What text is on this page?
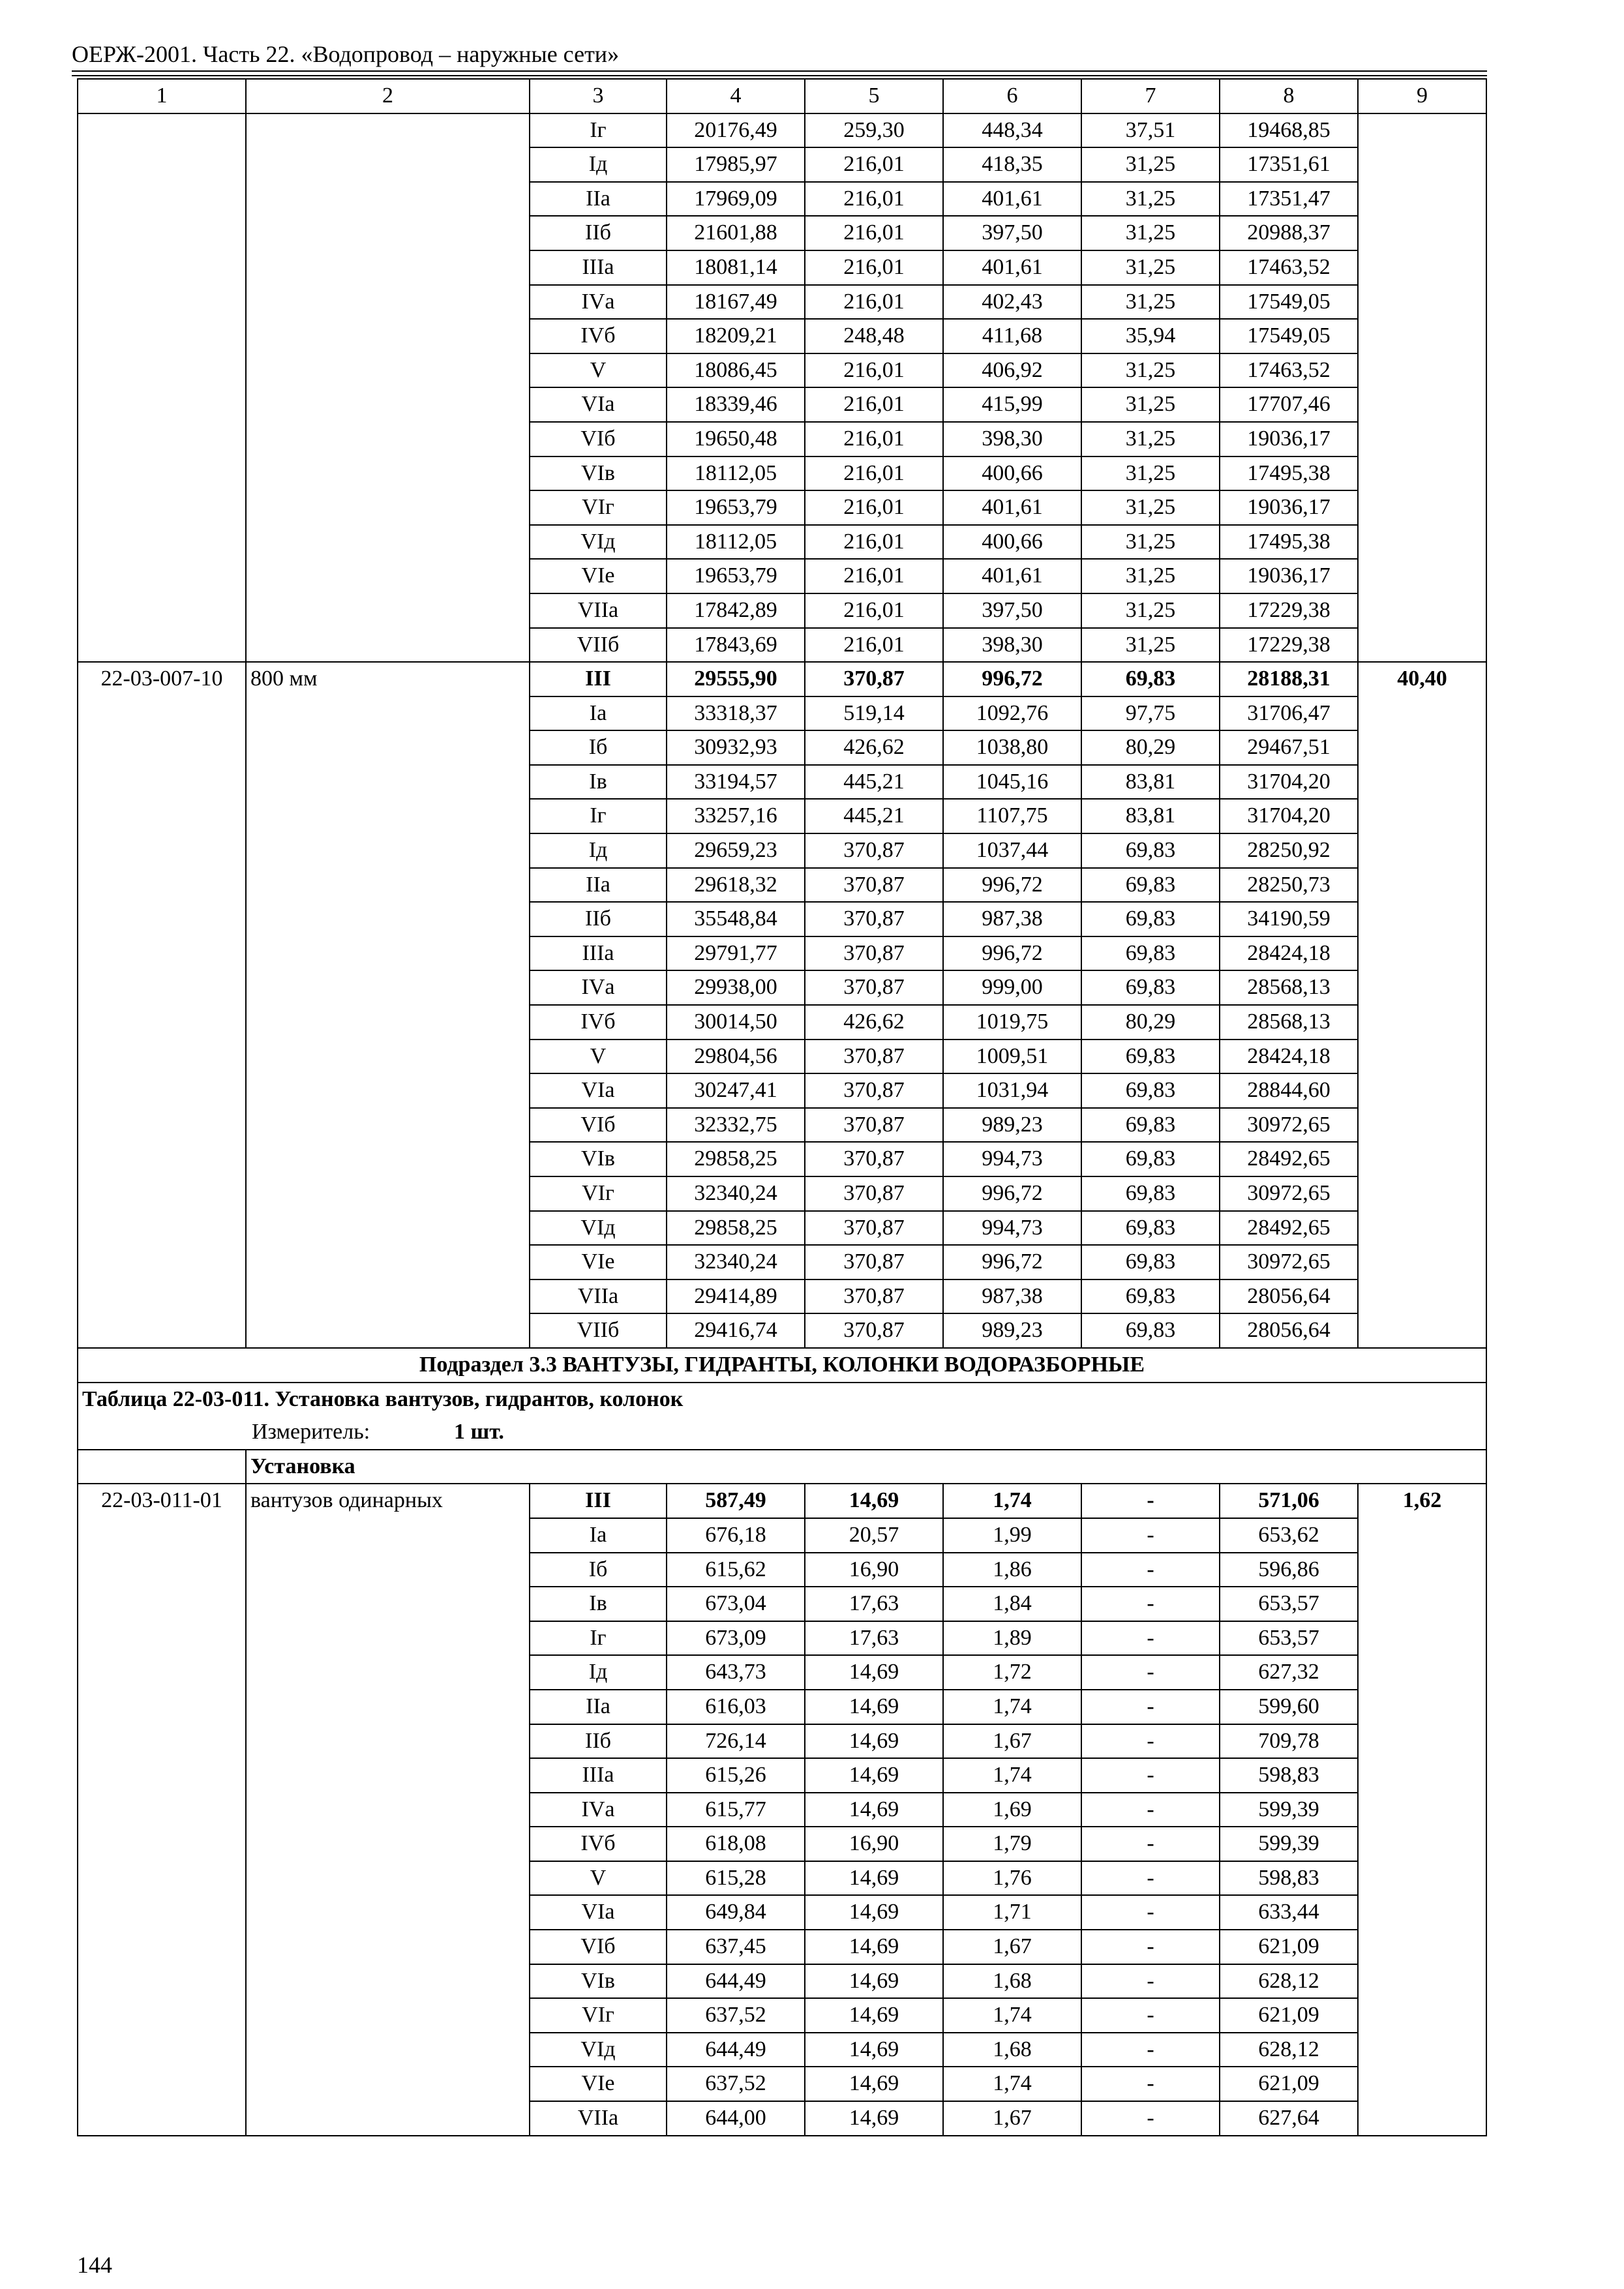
ОЕРЖ-2001. Часть 22. «Водопровод – наружные сети»
1	2	3	4	5	6	7	8	9
		Iг	20176,49	259,30	448,34	37,51	19468,85	
		Iд	17985,97	216,01	418,35	31,25	17351,61	
		IIа	17969,09	216,01	401,61	31,25	17351,47	
		IIб	21601,88	216,01	397,50	31,25	20988,37	
		IIIа	18081,14	216,01	401,61	31,25	17463,52	
		IVа	18167,49	216,01	402,43	31,25	17549,05	
		IVб	18209,21	248,48	411,68	35,94	17549,05	
		V	18086,45	216,01	406,92	31,25	17463,52	
		VIа	18339,46	216,01	415,99	31,25	17707,46	
		VIб	19650,48	216,01	398,30	31,25	19036,17	
		VIв	18112,05	216,01	400,66	31,25	17495,38	
		VIг	19653,79	216,01	401,61	31,25	19036,17	
		VIд	18112,05	216,01	400,66	31,25	17495,38	
		VIе	19653,79	216,01	401,61	31,25	19036,17	
		VIIа	17842,89	216,01	397,50	31,25	17229,38	
		VIIб	17843,69	216,01	398,30	31,25	17229,38	
22-03-007-10	800 мм	III	29555,90	370,87	996,72	69,83	28188,31	40,40
		Iа	33318,37	519,14	1092,76	97,75	31706,47	
		Iб	30932,93	426,62	1038,80	80,29	29467,51	
		Iв	33194,57	445,21	1045,16	83,81	31704,20	
		Iг	33257,16	445,21	1107,75	83,81	31704,20	
		Iд	29659,23	370,87	1037,44	69,83	28250,92	
		IIа	29618,32	370,87	996,72	69,83	28250,73	
		IIб	35548,84	370,87	987,38	69,83	34190,59	
		IIIа	29791,77	370,87	996,72	69,83	28424,18	
		IVа	29938,00	370,87	999,00	69,83	28568,13	
		IVб	30014,50	426,62	1019,75	80,29	28568,13	
		V	29804,56	370,87	1009,51	69,83	28424,18	
		VIа	30247,41	370,87	1031,94	69,83	28844,60	
		VIб	32332,75	370,87	989,23	69,83	30972,65	
		VIв	29858,25	370,87	994,73	69,83	28492,65	
		VIг	32340,24	370,87	996,72	69,83	30972,65	
		VIд	29858,25	370,87	994,73	69,83	28492,65	
		VIе	32340,24	370,87	996,72	69,83	30972,65	
		VIIа	29414,89	370,87	987,38	69,83	28056,64	
		VIIб	29416,74	370,87	989,23	69,83	28056,64	
Подраздел 3.3 ВАНТУЗЫ, ГИДРАНТЫ, КОЛОНКИ ВОДОРАЗБОРНЫЕ								
Таблица 22-03-011. Установка вантузов, гидрантов, колонок								
Измеритель: 1 шт.								
	Установка							
22-03-011-01	вантузов одинарных	III	587,49	14,69	1,74	-	571,06	1,62
		Iа	676,18	20,57	1,99	-	653,62	
		Iб	615,62	16,90	1,86	-	596,86	
		Iв	673,04	17,63	1,84	-	653,57	
		Iг	673,09	17,63	1,89	-	653,57	
		Iд	643,73	14,69	1,72	-	627,32	
		IIа	616,03	14,69	1,74	-	599,60	
		IIб	726,14	14,69	1,67	-	709,78	
		IIIа	615,26	14,69	1,74	-	598,83	
		IVа	615,77	14,69	1,69	-	599,39	
		IVб	618,08	16,90	1,79	-	599,39	
		V	615,28	14,69	1,76	-	598,83	
		VIа	649,84	14,69	1,71	-	633,44	
		VIб	637,45	14,69	1,67	-	621,09	
		VIв	644,49	14,69	1,68	-	628,12	
		VIг	637,52	14,69	1,74	-	621,09	
		VIд	644,49	14,69	1,68	-	628,12	
		VIе	637,52	14,69	1,74	-	621,09	
		VIIа	644,00	14,69	1,67	-	627,64	
144
